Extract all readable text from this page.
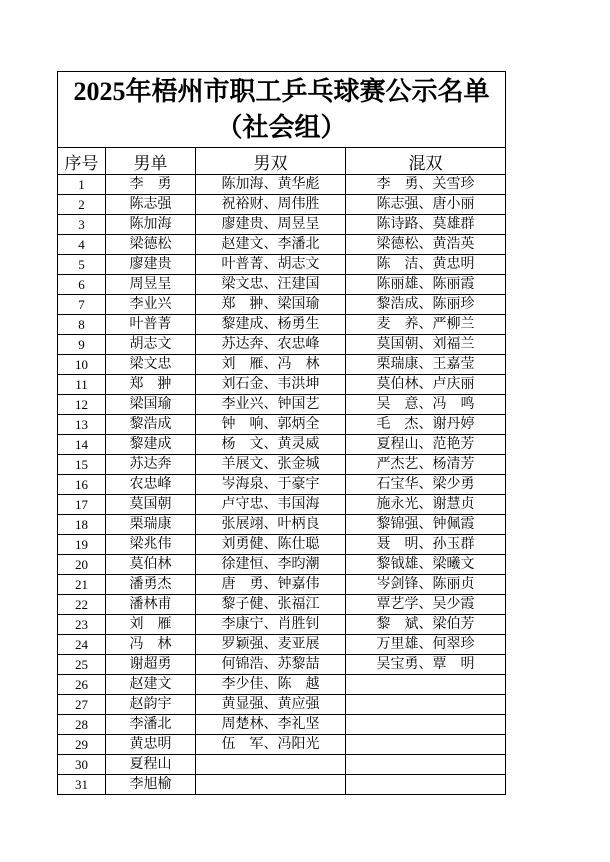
2025年梧州市职工乒乓球赛公示名单
（社会组）			

序号	男单	男双	混双
1	李　勇	陈加海、黄华彪	李　勇、关雪珍
2	陈志强	祝裕财、周伟胜	陈志强、唐小丽
3	陈加海	廖建贵、周昱呈	陈诗路、莫雄群
4	梁德松	赵建文、李潘北	梁德松、黄浩英
5	廖建贵	叶普菁、胡志文	陈　洁、黄忠明
6	周昱呈	梁文忠、汪建国	陈丽雄、陈丽霞
7	李业兴	郑　翀、梁国瑜	黎浩成、陈丽珍
8	叶普菁	黎建成、杨勇生	麦　养、严柳兰
9	胡志文	苏达奔、农忠峰	莫国朝、刘福兰
10	梁文忠	刘　雁、冯　林	栗瑞康、王嘉莹
11	郑　翀	刘石金、韦洪坤	莫伯林、卢庆丽
12	梁国瑜	李业兴、钟国艺	吴　意、冯　鸣
13	黎浩成	钟　响、郭炳全	毛　杰、谢丹婷
14	黎建成	杨　文、黄灵威	夏程山、范艳芳
15	苏达奔	羊展文、张金城	严杰艺、杨清芳
16	农忠峰	岑海泉、于豪宇	石宝华、梁少勇
17	莫国朝	卢守忠、韦国海	施永光、谢慧贞
18	栗瑞康	张展翊、叶柄良	黎锦强、钟佩霞
19	梁兆伟	刘勇健、陈仕聪	聂　明、孙玉群
20	莫伯林	徐建恒、李昀潮	黎钺雄、梁曦文
21	潘勇杰	唐　勇、钟嘉伟	岑剑锋、陈丽贞
22	潘林甫	黎子健、张福江	覃艺学、吴少霞
23	刘　雁	李康宁、肖胜钊	黎　斌、梁伯芳
24	冯　林	罗颖强、麦亚展	万里雄、何翠珍
25	谢超勇	何锦浩、苏黎喆	吴宝勇、覃　明
26	赵建文	李少佳、陈　越	
27	赵韵宇	黄显强、黄应强	
28	李潘北	周楚林、李礼坚	
29	黄忠明	伍　军、冯阳光	
30	夏程山		
31	李旭榆		
